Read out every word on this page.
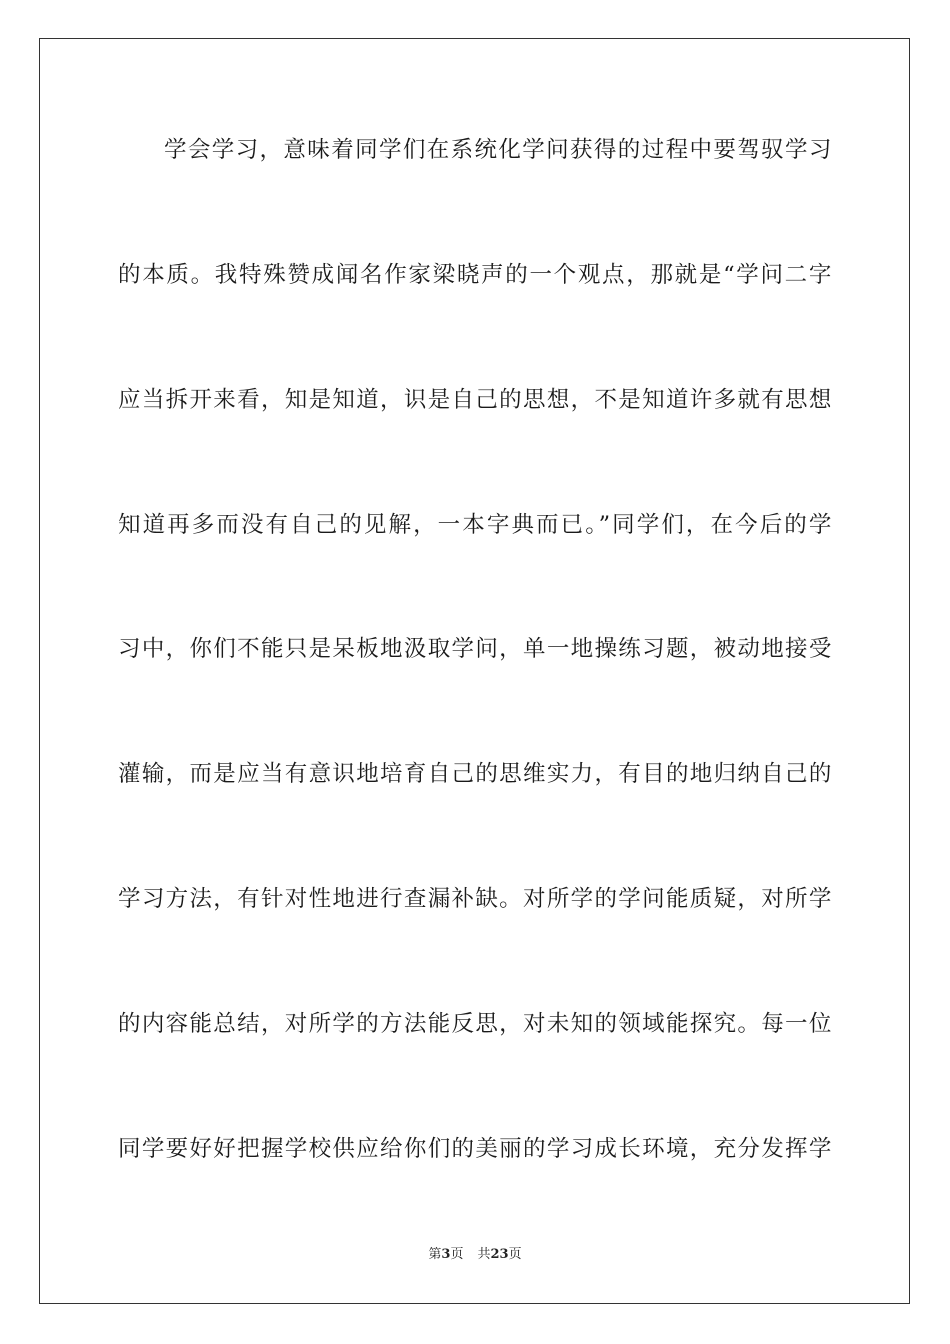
学会学习，意味着同学们在系统化学问获得的过程中要驾驭学习
的本质。我特殊赞成闻名作家梁晓声的一个观点，那就是“学问二字
应当拆开来看，知是知道，识是自己的思想，不是知道许多就有思想
知道再多而没有自己的见解，一本字典而已。”同学们，在今后的学
习中，你们不能只是呆板地汲取学问，单一地操练习题，被动地接受
灌输，而是应当有意识地培育自己的思维实力，有目的地归纳自己的
学习方法，有针对性地进行查漏补缺。对所学的学问能质疑，对所学
的内容能总结，对所学的方法能反思，对未知的领域能探究。每一位
同学要好好把握学校供应给你们的美丽的学习成长环境，充分发挥学
第3页 共23页
